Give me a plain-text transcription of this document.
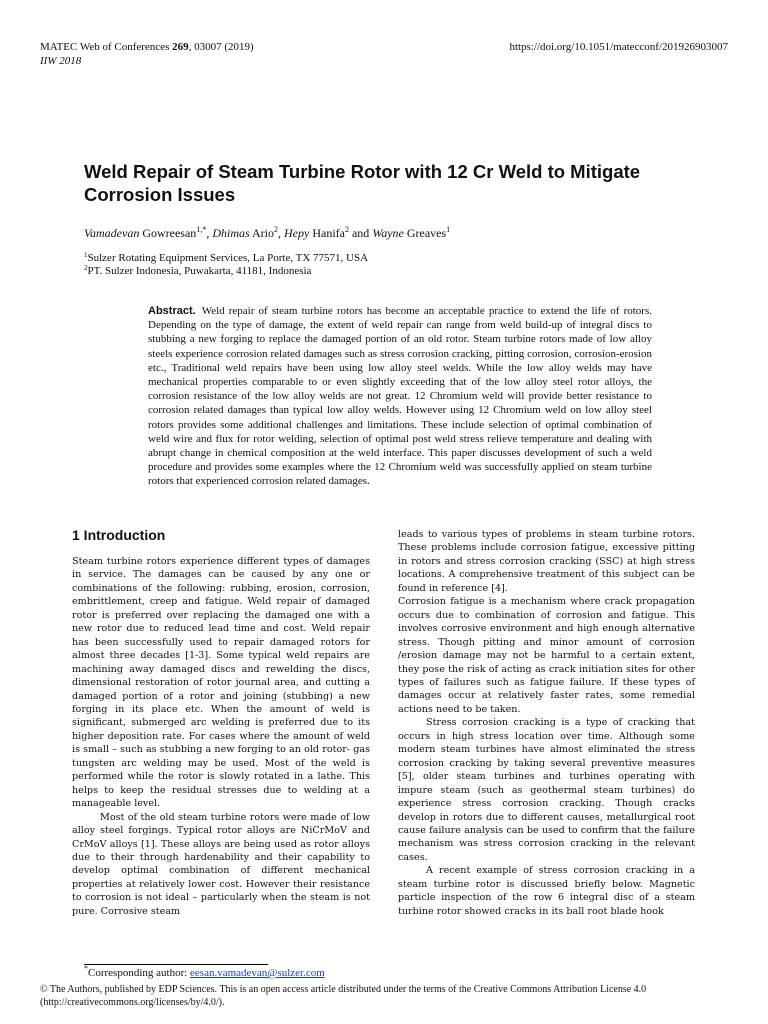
MATEC Web of Conferences 269, 03007 (2019)
IIW 2018
https://doi.org/10.1051/matecconf/201926903007
Weld Repair of Steam Turbine Rotor with 12 Cr Weld to Mitigate Corrosion Issues
Vamadevan Gowreesan$^{1,*}$, Dhimas Ario$^2$, Hepy Hanifa$^2$ and Wayne Greaves$^1$
$^1$Sulzer Rotating Equipment Services, La Porte, TX 77571, USA
$^2$PT. Sulzer Indonesia, Puwakarta, 41181, Indonesia
Abstract. Weld repair of steam turbine rotors has become an acceptable practice to extend the life of rotors. Depending on the type of damage, the extent of weld repair can range from weld build-up of integral discs to stubbing a new forging to replace the damaged portion of an old rotor. Steam turbine rotors made of low alloy steels experience corrosion related damages such as stress corrosion cracking, pitting corrosion, corrosion-erosion etc., Traditional weld repairs have been using low alloy steel welds. While the low alloy welds may have mechanical properties comparable to or even slightly exceeding that of the low alloy steel rotor alloys, the corrosion resistance of the low alloy welds are not great. 12 Chromium weld will provide better resistance to corrosion related damages than typical low alloy welds. However using 12 Chromium weld on low alloy steel rotors provides some additional challenges and limitations. These include selection of optimal combination of weld wire and flux for rotor welding, selection of optimal post weld stress relieve temperature and dealing with abrupt change in chemical composition at the weld interface. This paper discusses development of such a weld procedure and provides some examples where the 12 Chromium weld was successfully applied on steam turbine rotors that experienced corrosion related damages.
1 Introduction

Steam turbine rotors experience different types of damages in service. The damages can be caused by any one or combinations of the following: rubbing, erosion, corrosion, embrittlement, creep and fatigue. Weld repair of damaged rotor is preferred over replacing the damaged one with a new rotor due to reduced lead time and cost. Weld repair has been successfully used to repair damaged rotors for almost three decades [1-3]. Some typical weld repairs are machining away damaged discs and rewelding the discs, dimensional restoration of rotor journal area, and cutting a damaged portion of a rotor and joining (stubbing) a new forging in its place etc. When the amount of weld is significant, submerged arc welding is preferred due to its higher deposition rate. For cases where the amount of weld is small – such as stubbing a new forging to an old rotor- gas tungsten arc welding may be used. Most of the weld is performed while the rotor is slowly rotated in a lathe. This helps to keep the residual stresses due to welding at a manageable level.

Most of the old steam turbine rotors were made of low alloy steel forgings. Typical rotor alloys are NiCrMoV and CrMoV alloys [1]. These alloys are being used as rotor alloys due to their through hardenability and their capability to develop optimal combination of different mechanical properties at relatively lower cost. However their resistance to corrosion is not ideal – particularly when the steam is not pure. Corrosive steam

leads to various types of problems in steam turbine rotors. These problems include corrosion fatigue, excessive pitting in rotors and stress corrosion cracking (SSC) at high stress locations. A comprehensive treatment of this subject can be found in reference [4].

Corrosion fatigue is a mechanism where crack propagation occurs due to combination of corrosion and fatigue. This involves corrosive environment and high enough alternative stress. Though pitting and minor amount of corrosion /erosion damage may not be harmful to a certain extent, they pose the risk of acting as crack initiation sites for other types of failures such as fatigue failure. If these types of damages occur at relatively faster rates, some remedial actions need to be taken.

Stress corrosion cracking is a type of cracking that occurs in high stress location over time. Although some modern steam turbines have almost eliminated the stress corrosion cracking by taking several preventive measures [5], older steam turbines and turbines operating with impure steam (such as geothermal steam turbines) do experience stress corrosion cracking. Though cracks develop in rotors due to different causes, metallurgical root cause failure analysis can be used to confirm that the failure mechanism was stress corrosion cracking in the relevant cases.

A recent example of stress corrosion cracking in a steam turbine rotor is discussed briefly below. Magnetic particle inspection of the row 6 integral disc of a steam turbine rotor showed cracks in its ball root blade hook

*Corresponding author: eesan.vamadevan@sulzer.com
© The Authors, published by EDP Sciences. This is an open access article distributed under the terms of the Creative Commons Attribution License 4.0 (http://creativecommons.org/licenses/by/4.0/).
